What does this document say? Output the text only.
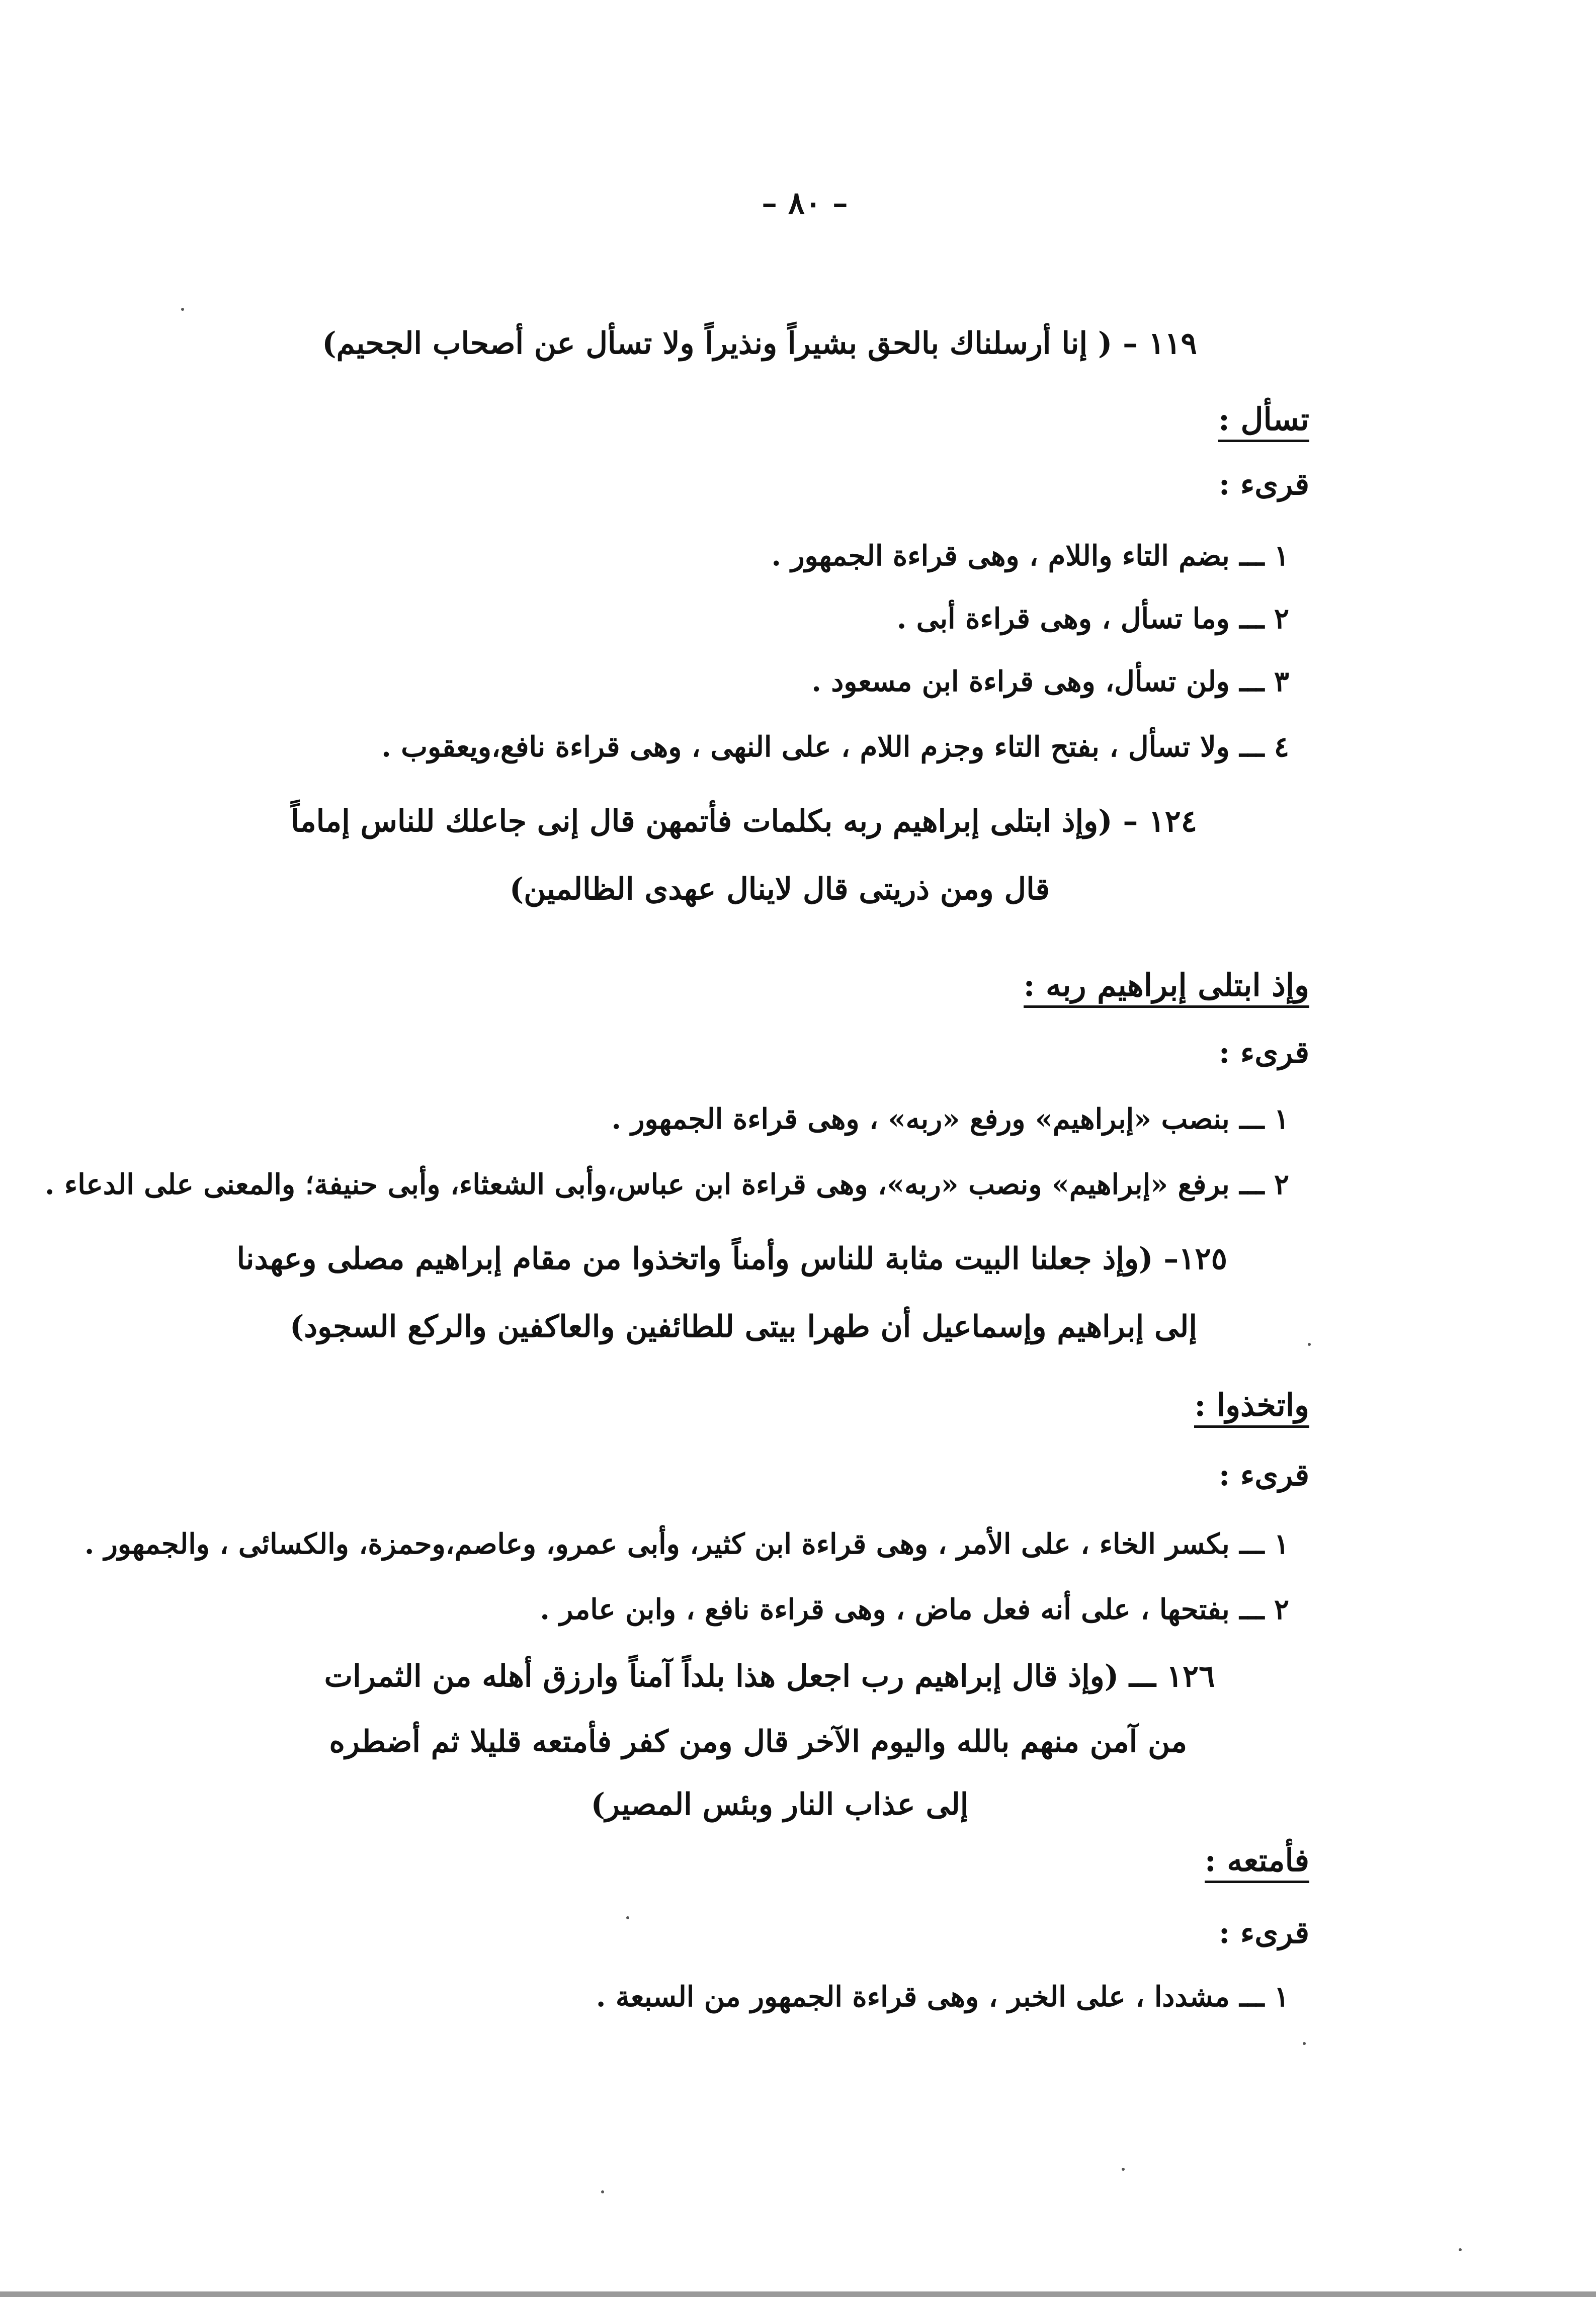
– ٨٠ –
١١٩ – ( إنا أرسلناك بالحق بشيراً ونذيراً ولا تسأل عن أصحاب الجحيم)
تسأل :
قرىء :
١ ـــ بضم التاء واللام ، وهى قراءة الجمهور .
٢ ـــ وما تسأل ، وهى قراءة أبى .
٣ ـــ ولن تسأل، وهى قراءة ابن مسعود .
٤ ـــ ولا تسأل ، بفتح التاء وجزم اللام ، على النهى ، وهى قراءة نافع،ويعقوب .
١٢٤ – (وإذ ابتلى إبراهيم ربه بكلمات فأتمهن قال إنى جاعلك للناس إماماً
قال ومن ذريتى قال لاينال عهدى الظالمين)
وإذ ابتلى إبراهيم ربه :
قرىء :
١ ـــ بنصب «إبراهيم» ورفع «ربه» ، وهى قراءة الجمهور .
٢ ـــ برفع «إبراهيم» ونصب «ربه»، وهى قراءة ابن عباس،وأبى الشعثاء، وأبى حنيفة؛ والمعنى على الدعاء .
١٢٥– (وإذ جعلنا البيت مثابة للناس وأمناً واتخذوا من مقام إبراهيم مصلى وعهدنا
إلى إبراهيم وإسماعيل أن طهرا بيتى للطائفين والعاكفين والركع السجود)
واتخذوا :
قرىء :
١ ـــ بكسر الخاء ، على الأمر ، وهى قراءة ابن كثير، وأبى عمرو، وعاصم،وحمزة، والكسائى ، والجمهور .
٢ ـــ بفتحها ، على أنه فعل ماض ، وهى قراءة نافع ، وابن عامر .
١٢٦ ـــ (وإذ قال إبراهيم رب اجعل هذا بلداً آمناً وارزق أهله من الثمرات
من آمن منهم بالله واليوم الآخر قال ومن كفر فأمتعه قليلا ثم أضطره
إلى عذاب النار وبئس المصير)
فأمتعه :
قرىء :
١ ـــ مشددا ، على الخبر ، وهى قراءة الجمهور من السبعة .
